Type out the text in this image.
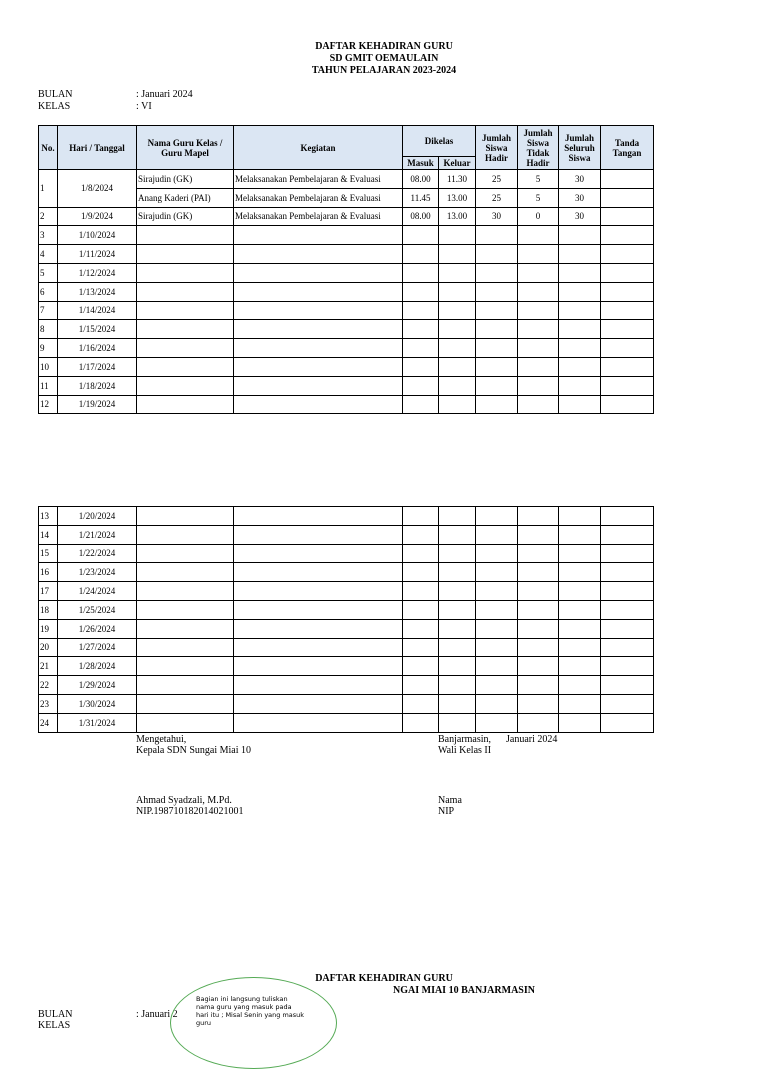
DAFTAR KEHADIRAN GURU
SD GMIT OEMAULAIN
TAHUN PELAJARAN 2023-2024
BULAN	: Januari 2024
KELAS	: VI
No.	Hari / Tanggal	Nama Guru Kelas / Guru Mapel	Kegiatan	Dikelas		Jumlah Siswa Hadir	Jumlah Siswa Tidak Hadir	Jumlah Seluruh Siswa	Tanda Tangan
				Masuk	Keluar				
1	1/8/2024	Sirajudin (GK)	Melaksanakan Pembelajaran & Evaluasi	08.00	11.30	25	5	30	
		Anang Kaderi (PAI)	Melaksanakan Pembelajaran & Evaluasi	11.45	13.00	25	5	30	
2	1/9/2024	Sirajudin (GK)	Melaksanakan Pembelajaran & Evaluasi	08.00	13.00	30	0	30	
3	1/10/2024								
4	1/11/2024								
5	1/12/2024								
6	1/13/2024								
7	1/14/2024								
8	1/15/2024								
9	1/16/2024								
10	1/17/2024								
11	1/18/2024								
12	1/19/2024								
13	1/20/2024								
14	1/21/2024								
15	1/22/2024								
16	1/23/2024								
17	1/24/2024								
18	1/25/2024								
19	1/26/2024								
20	1/27/2024								
21	1/28/2024								
22	1/29/2024								
23	1/30/2024								
24	1/31/2024								
Mengetahui,
Kepala SDN Sungai Miai 10
Ahmad Syadzali, M.Pd.
NIP.198710182014021001
Banjarmasin,      Januari 2024
Wali Kelas II
Nama
NIP
DAFTAR KEHADIRAN GURU
NGAI MIAI 10 BANJARMASIN
BULAN	: Januari 2
KELAS
Bagian ini langsung tuliskan nama guru yang masuk pada hari itu ; Misal Senin yang masuk guru
